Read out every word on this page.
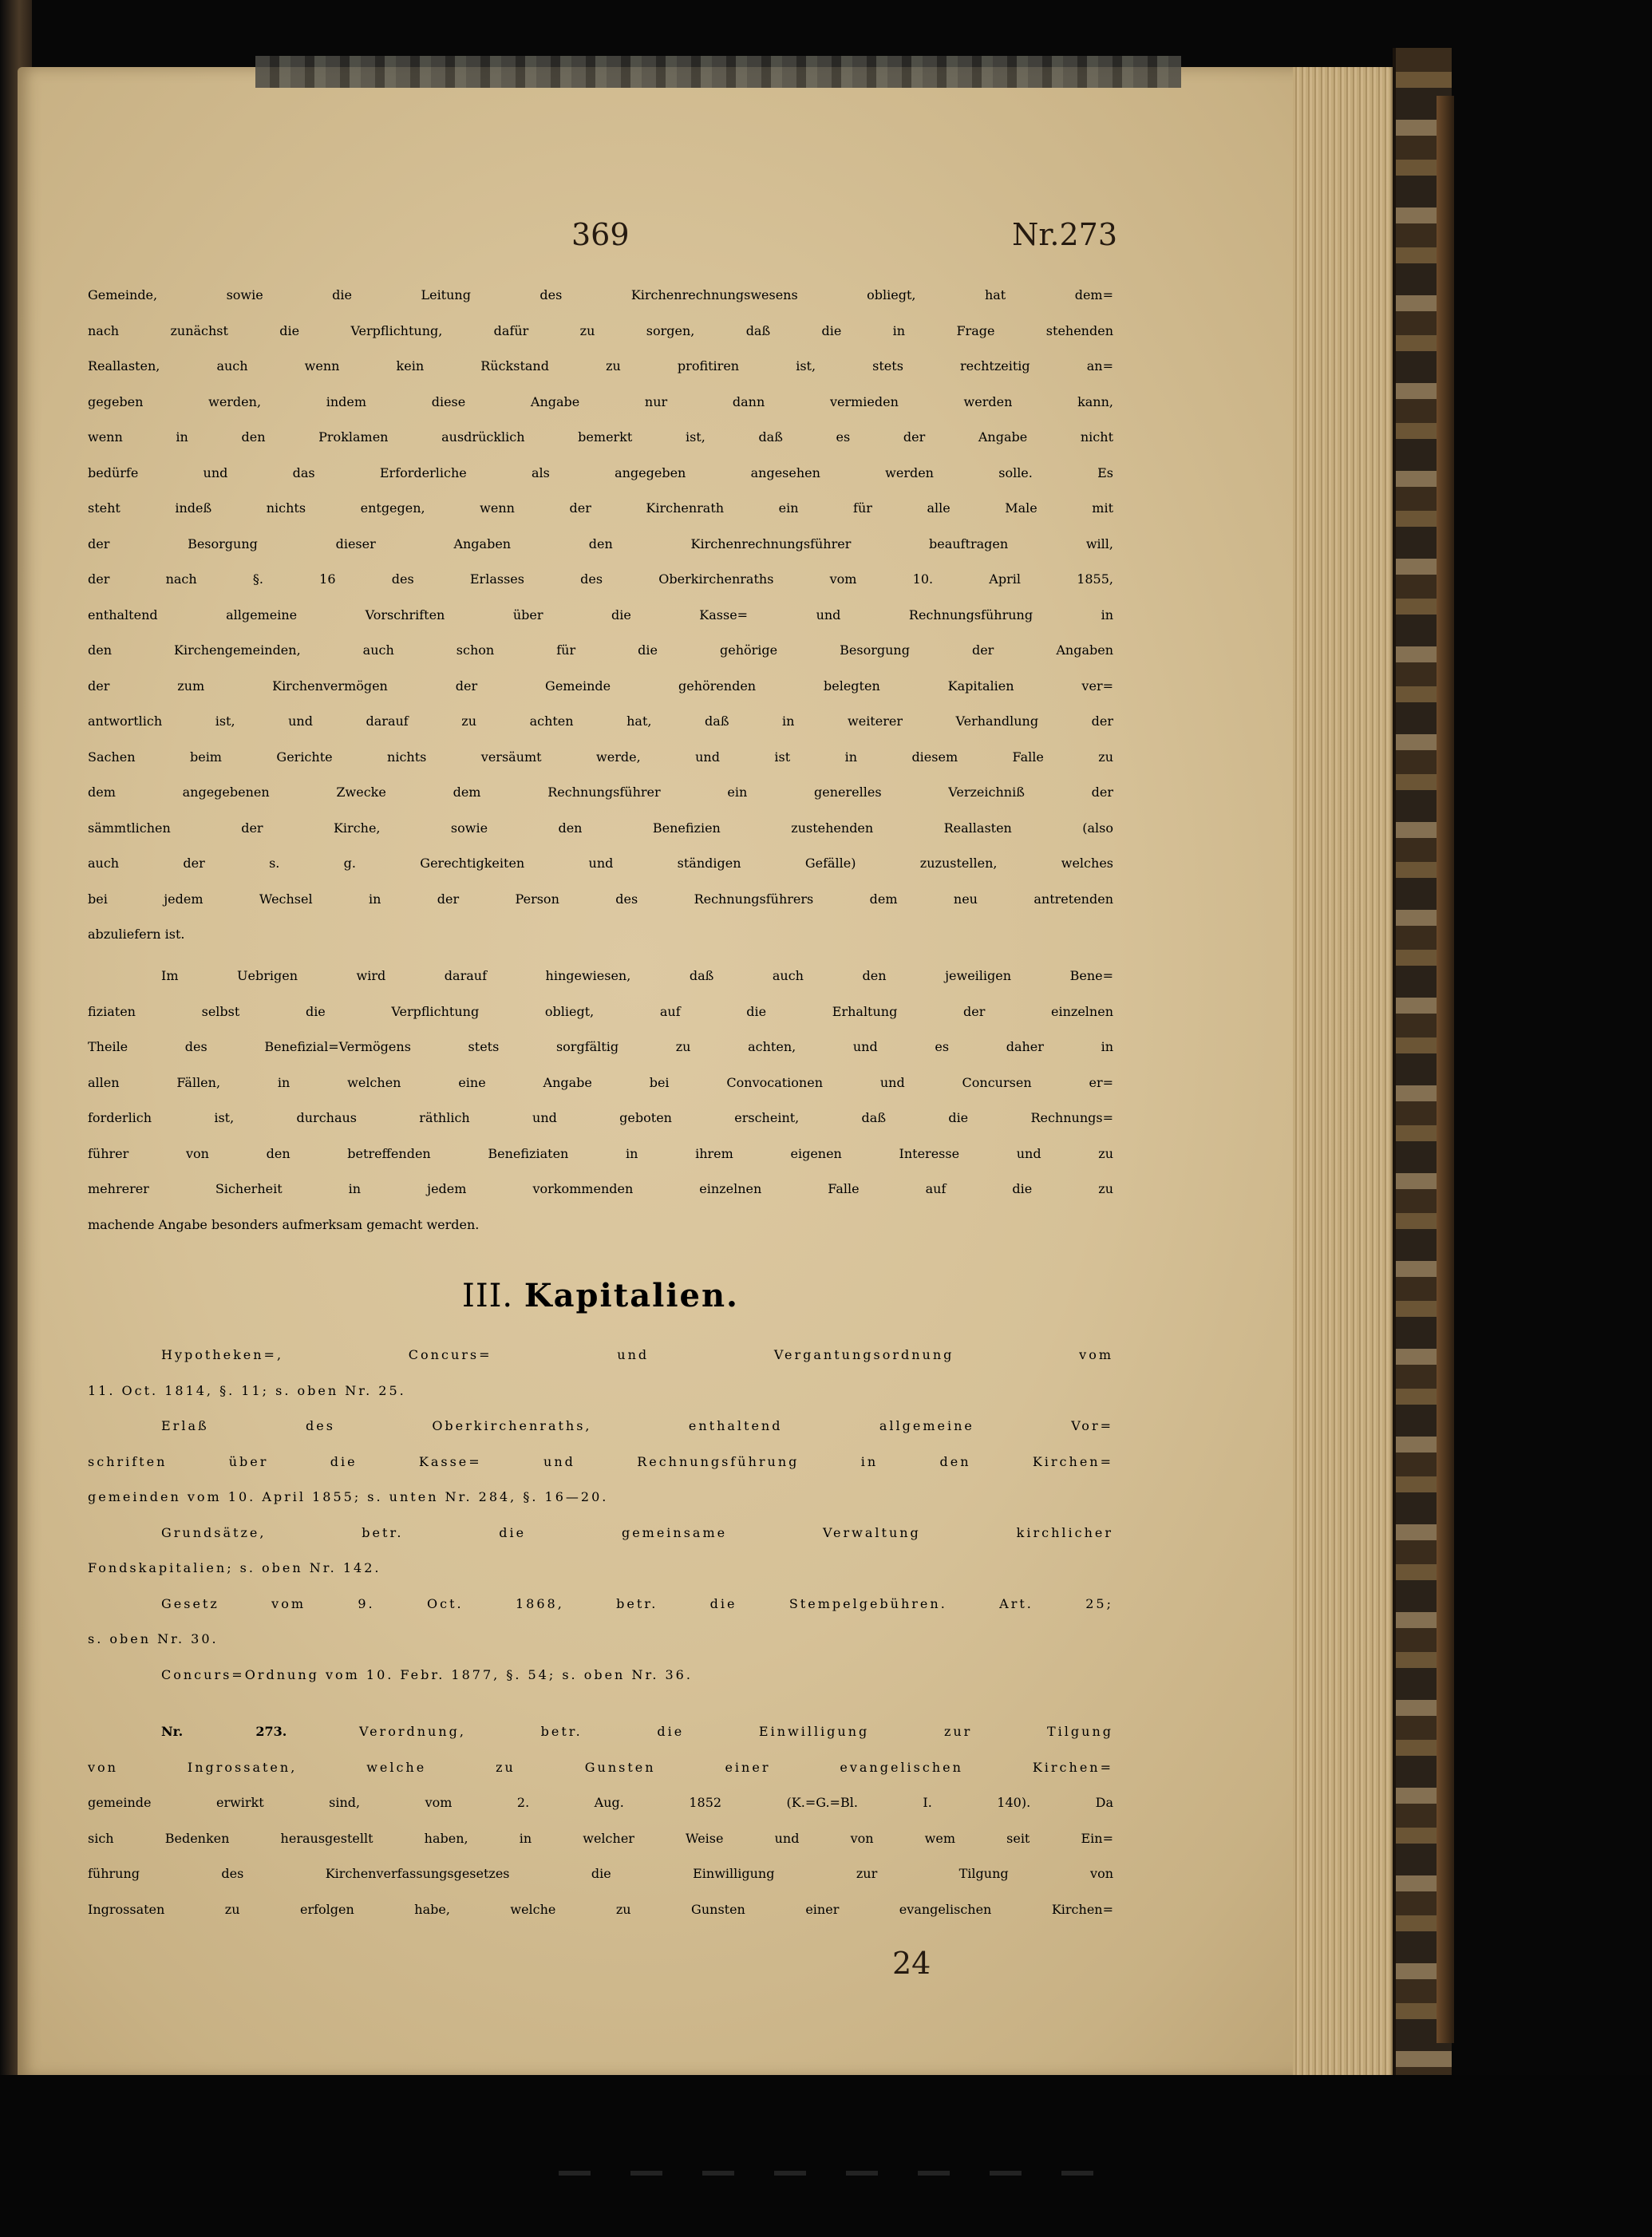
369	Nr.273
Gemeinde, sowie die Leitung des Kirchenrechnungswesens obliegt, hat dem=
nach zunächst die Verpflichtung, dafür zu sorgen, daß die in Frage stehenden
Reallasten, auch wenn kein Rückstand zu profitiren ist, stets rechtzeitig an=
gegeben werden, indem diese Angabe nur dann vermieden werden kann,
wenn in den Proklamen ausdrücklich bemerkt ist, daß es der Angabe nicht
bedürfe und das Erforderliche als angegeben angesehen werden solle. Es
steht indeß nichts entgegen, wenn der Kirchenrath ein für alle Male mit
der Besorgung dieser Angaben den Kirchenrechnungsführer beauftragen will,
der nach §. 16 des Erlasses des Oberkirchenraths vom 10. April 1855,
enthaltend allgemeine Vorschriften über die Kasse= und Rechnungsführung in
den Kirchengemeinden, auch schon für die gehörige Besorgung der Angaben
der zum Kirchenvermögen der Gemeinde gehörenden belegten Kapitalien ver=
antwortlich ist, und darauf zu achten hat, daß in weiterer Verhandlung der
Sachen beim Gerichte nichts versäumt werde, und ist in diesem Falle zu
dem angegebenen Zwecke dem Rechnungsführer ein generelles Verzeichniß der
sämmtlichen der Kirche, sowie den Benefizien zustehenden Reallasten (also
auch der s. g. Gerechtigkeiten und ständigen Gefälle) zuzustellen, welches
bei jedem Wechsel in der Person des Rechnungsführers dem neu antretenden
abzuliefern ist.
Im Uebrigen wird darauf hingewiesen, daß auch den jeweiligen Bene=
fiziaten selbst die Verpflichtung obliegt, auf die Erhaltung der einzelnen
Theile des Benefizial=Vermögens stets sorgfältig zu achten, und es daher in
allen Fällen, in welchen eine Angabe bei Convocationen und Concursen er=
forderlich ist, durchaus räthlich und geboten erscheint, daß die Rechnungs=
führer von den betreffenden Benefiziaten in ihrem eigenen Interesse und zu
mehrerer Sicherheit in jedem vorkommenden einzelnen Falle auf die zu
machende Angabe besonders aufmerksam gemacht werden.
III. Kapitalien.
Hypotheken=, Concurs= und Vergantungsordnung vom
11. Oct. 1814, §. 11; s. oben Nr. 25.
Erlaß des Oberkirchenraths, enthaltend allgemeine Vor=
schriften über die Kasse= und Rechnungsführung in den Kirchen=
gemeinden vom 10. April 1855; s. unten Nr. 284, §. 16—20.
Grundsätze, betr. die gemeinsame Verwaltung kirchlicher
Fondskapitalien; s. oben Nr. 142.
Gesetz vom 9. Oct. 1868, betr. die Stempelgebühren. Art. 25;
s. oben Nr. 30.
Concurs=Ordnung vom 10. Febr. 1877, §. 54; s. oben Nr. 36.
Nr. 273.	Verordnung, betr. die Einwilligung zur Tilgung
von Ingrossaten, welche zu Gunsten einer evangelischen Kirchen=
gemeinde erwirkt sind, vom 2. Aug. 1852 (K.=G.=Bl. I. 140). Da
sich Bedenken herausgestellt haben, in welcher Weise und von wem seit Ein=
führung des Kirchenverfassungsgesetzes die Einwilligung zur Tilgung von
Ingrossaten zu erfolgen habe, welche zu Gunsten einer evangelischen Kirchen=
24
